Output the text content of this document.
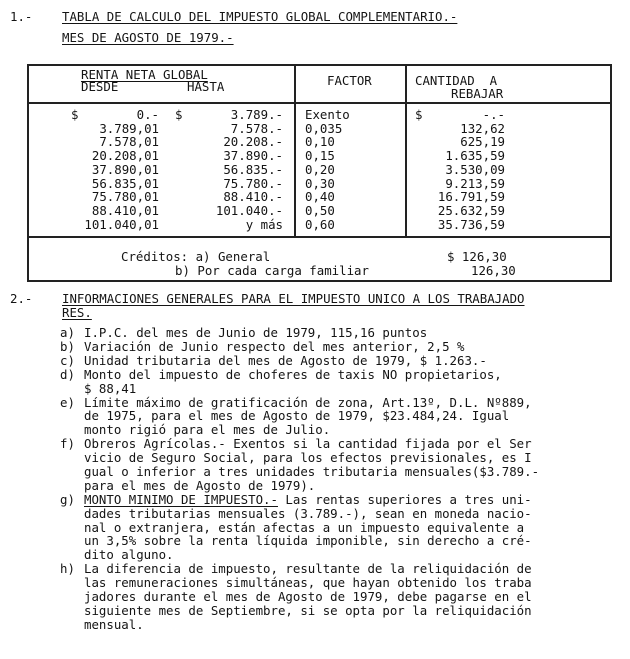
1.- TABLA DE CALCULO DEL IMPUESTO GLOBAL COMPLEMENTARIO.-
MES DE AGOSTO DE 1979.-
RENTA NETA GLOBAL
DESDE	HASTA	FACTOR	CANTIDAD  A
REBAJAR
$	0.- $	3.789.- Exento	$	-.-
3.789,01	7.578.- 0,035	132,62
7.578,01	20.208.- 0,10	625,19
20.208,01	37.890.- 0,15	1.635,59
37.890,01	56.835.- 0,20	3.530,09
56.835,01	75.780.- 0,30	9.213,59
75.780,01	88.410.- 0,40	16.791,59
88.410,01	101.040.- 0,50	25.632,59
101.040,01	y más 0,60	35.736,59
Créditos: a) General	$ 126,30
b) Por cada carga familiar	126,30
2.- INFORMACIONES GENERALES PARA EL IMPUESTO UNICO A LOS TRABAJADO
RES.
a) I.P.C. del mes de Junio de 1979, 115,16 puntos
b) Variación de Junio respecto del mes anterior, 2,5 %
c) Unidad tributaria del mes de Agosto de 1979, $ 1.263.-
d) Monto del impuesto de choferes de taxis NO propietarios,
$ 88,41
e) Límite máximo de gratificación de zona, Art.13º, D.L. Nº889,
de 1975, para el mes de Agosto de 1979, $23.484,24. Igual
monto rigió para el mes de Julio.
f) Obreros Agrícolas.- Exentos si la cantidad fijada por el Ser
vicio de Seguro Social, para los efectos previsionales, es I
gual o inferior a tres unidades tributaria mensuales($3.789.-
para el mes de Agosto de 1979).
g) MONTO MINIMO DE IMPUESTO.- Las rentas superiores a tres uni-
dades tributarias mensuales (3.789.-), sean en moneda nacio-
nal o extranjera, están afectas a un impuesto equivalente a
un 3,5% sobre la renta líquida imponible, sin derecho a cré-
dito alguno.
h) La diferencia de impuesto, resultante de la reliquidación de
las remuneraciones simultáneas, que hayan obtenido los traba
jadores durante el mes de Agosto de 1979, debe pagarse en el
siguiente mes de Septiembre, si se opta por la reliquidación
mensual.
